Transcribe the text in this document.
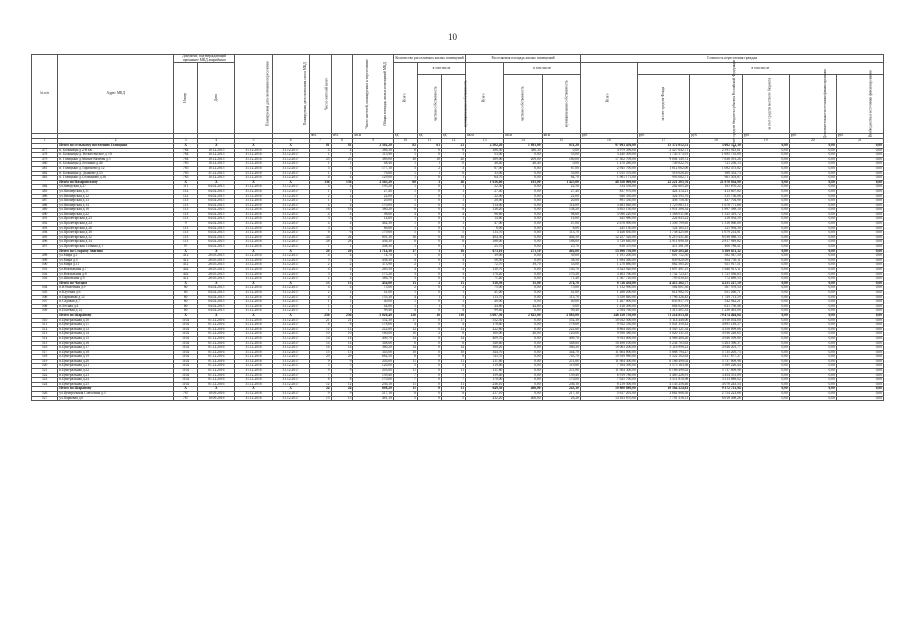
10
№ п/п	Адрес МКД	Документ, подтверждающий признание МКД аварийным		Планируемая дата окончания переселения	Планируемая дата окончания сноса МКД	Число жителей всего	Число жителей, планируемых к переселению	Общая площадь жилых помещений МКД	Количество расселяемых жилых помещений			Расселяемая площадь жилых помещений			Стоимость переселения граждан					
		Номер	Дата						Всего	в том числе		Всего	в том числе		Всего	в том числе				
										частная собственность	муниципальная собственность		частная собственность	муниципальная собственность		за счет средств Фонда	за счет средств бюджета субъекта Российской Федерации	за счет средств местного бюджета	Дополнительные источники финансирования	Внебюджетные источники финансирования
						чел.	чел.	кв.м	ед.	ед.	ед.	кв.м	кв.м	кв.м	руб.	руб.	руб.	руб.	руб.	руб.
1	2	3	4	5	6	7	8	9	10	11	12	13	14	15	16	17	18	19	20	21
	Итого по сельскому поселению Голицыно	X	X	X	X	81	81	2 502,20	82	61	21	2 502,20	1 891,00	611,20	97 093 456,00	15 372 012,51	3 602 371,30	0,00	0,00	0,00
477	п. Больницы д.2/В кв.	784	10.12.2015	31.12.2016	31.12.2017	4	4	386,30	6	6	0	386,30	386,30	0,00	4 979 396,00	2 427 642,71	2 591 925,01	0,00	0,00	0,00
478	п. Больницы д. Вознесенское д.7/8	784	10.12.2015	31.12.2016	31.12.2017	1	1	113,90	1	0	1	53,00	0,00	53,00	3 440 309,00	1 745 573,91	1 695 735,09	0,00	0,00	0,00
479	п. Голицыно д.Малые Вяземы д.5	784	10.12.2015	31.12.2016	31.12.2017	25	25	389,00	30	10	20	389,00	209,00	180,00	17 302 709,00	9 004 149,72	7 636 591,28	0,00	0,00	0,00
480	п. Больницы д.Леонино д.46	785	10.12.2015	31.12.2016	31.12.2017	1	1	48,40	1	1	0	48,40	48,40	0,00	1 470 280,00	749 022,76	721 256,13	0,00	0,00	0,00
481	п. Голицыно д.Тарасково д.12	785	10.12.2015	31.12.2016	31.12.2017	5	5	177,10	5	2	3	67,00	0,00	67,00	2 945 700,00	1 612 062,00	1 082 475,82	0,00	0,00	0,00
482	п. Больницы д. Дьяково д.55	785	31.12.2015	31.12.2016	31.12.2017	1	1	76,60	1	1	0	33,00	0,00	33,00	1 015 570,00	516 026,20	580 333,73	0,00	0,00	0,00
483	п. Голицыно д.Солманово д.36	785	10.12.2015	31.12.2016	31.12.2017	4	4	129,00	1	0	1	64,70	0,00	64,70	1 961 175,00	993 082,71	961 503,67	0,00	0,00	0,00
	Итого по Назаровскому	X	X	X	X	136	136	2 565,20	60	3	26	1 616,60	191,00	1 425,00	48 358 000,00	22 221 205,76	21 970 834,90	0,00	0,00	0,00
484	ул.Заводская д.27	111	04.02.2015	31.12.2016	31.12.2017	4	4	195,20	1	0	1	22,50	0,00	22,50	314 556,00	202 605,26	161 870,22	0,00	0,00	0,00
485	ул.Пионерская д.11	112	04.02.2015	31.12.2016	31.12.2017	1	1	27,40	1	0	1	27,40	0,00	27,40	837 970,00	424 314,21	413 607,82	0,00	0,00	0,00
486	ул.Пионерская д.12	112	04.02.2015	31.12.2016	31.12.2017	2	2	22,00	1	0	1	22,00	0,00	22,00	640 330,00	324 593,76	315 736,06	0,00	0,00	0,00
487	ул.Пионерская д.13	113	04.02.2015	31.12.2016	31.12.2017	1	1	20,00	1	0	1	20,00	0,00	20,00	891 330,00	456 758,30	437 704,90	0,00	0,00	0,00
488	ул.Пионерская д.14	113	04.02.2015	31.12.2016	31.12.2017	4	4	170,00	5	0	5	114,00	0,00	114,00	3 483 840,00	1 725 881,11	1 678 771,68	0,00	0,00	0,00
489	ул.Пионерская д.18	113	04.02.2015	31.12.2016	31.12.2017	16	16	380,20	8	0	8	138,20	0,00	138,20	3 855 130,00	1 951 586,34	1 897 589,10	0,00	0,00	0,00
490	ул.Пионерская д.22	113	04.02.2015	31.12.2016	31.12.2017	4	4	98,60	4	0	4	98,60	0,00	98,60	3 096 220,00	1 568 611,66	1 525 419,72	0,00	0,00	0,00
491	ул.Пролетарская д.23	113	04.02.2015	31.12.2016	31.12.2017	3	3	14,60	1	0	1	14,60	0,00	14,60	445 980,00	224 843,22	218 934,59	0,00	0,00	0,00
492	ул.Пролетарская д.24	9	04.02.2015	31.12.2016	31.12.2017	4	4	462,30	1	0	1	47,00	0,00	47,00	2 678 090,00	1 356 799,65	1 318 060,00	0,00	0,00	0,00
493	ул.Пролетарская д.26	113	04.02.2015	31.12.2016	31.12.2017	3	3	86,80	1	0	1	8,00	0,00	8,00	245 150,00	124 165,21	121 994,30	0,00	0,00	0,00
494	ул.Пролетарская д.30	113	04.02.2015	31.12.2016	31.12.2017	6	6	179,60	5	0	5	113,70	0,00	113,70	3 446 830,00	1 738 425,69	1 679 214,81	0,00	0,00	0,00
495	ул.Пролетарская д.32	113	04.02.2015	31.12.2016	31.12.2017	24	24	691,30	16	0	16	404,50	0,00	404,50	12 257 520,00	6 219 431,40	6 038 088,13	0,00	0,00	0,00
496	ул.Пролетарская д.34	113	04.02.2015	31.12.2016	31.12.2017	28	28	436,30	8	0	8	188,00	0,00	188,00	5 729 640,00	2 911 690,18	2 817 949,82	0,00	0,00	0,00
497	ул.Пролетарская Т.Ивана д.1	97	04.02.2015	31.12.2016	31.12.2017	1	1	208,30	1	0	1	25,70	0,00	25,70	818 370,00	411 581,59	406 788,41	0,00	0,00	0,00
	Итого по Старому Звягино	X	X	X	X	20	20	1 714,30	17	1	16	673,10	271,10	402,00	13 998 750,00	7 629 205,48	5 369 851,32	0,00	0,00	0,00
498	ул.Мира д.1	412	28.05.2015	31.12.2016	31.12.2017	4	4	74,70	1	0	1	39,00	0,00	39,00	1 191 200,00	601 752,50	582 947,50	0,00	0,00	0,00
499	ул.Мира д.3	412	28.05.2015	31.12.2016	31.12.2017	5	5	438,30	4	0	4	58,50	0,00	58,50	1 694 560,00	859 820,09	834 739,11	0,00	0,00	0,00
500	ул.Мира д.11	412	28.05.2015	31.12.2016	31.12.2017	2	2	373,90	2	1	1	72,70	39,70	33,00	1 270 880,00	682 585,20	611 917,51	0,00	0,00	0,00
501	ул.Вокзальная д.7	442	28.05.2015	31.12.2016	31.12.2017	4	4	265,50	4	0	4	130,70	0,00	130,70	3 343 920,00	1 697 491,15	1 640 913,11	0,00	0,00	0,00
502	ул.Вокзальная д.8	442	28.05.2015	31.12.2016	31.12.2017	3	3	175,20	3	0	3	170,20	0,00	170,20	3 463 760,00	1 742 723,47	1 721 036,63	0,00	0,00	0,00
503	ул.Школьная д.9	412	28.05.2015	31.12.2016	31.12.2017	2	2	386,70	3	0	3	71,40	0,00	71,40	1 567 720,00	795 030,45	772 689,55	0,00	0,00	0,00
	Итого по Часцам	X	X	X	X	13	13	454,00	13	2	11	310,50	35,00	274,70	8 726 430,00	4 415 262,77	4 251 227,19	0,00	0,00	0,00
504	п.Юбилейная д.9	60	04.02.2015	31.12.2016	31.12.2017	4	4	75,00	2	0	2	75,00	0,00	75,00	1 132 990,00	584 601,36	567 978,54	0,00	0,00	0,00
505	п.Клубная д.6	60	04.02.2015	31.12.2016	31.12.2017	2	2	41,00	1	0	1	41,00	0,00	41,00	1 288 200,00	614 982,70	611 260,71	0,00	0,00	0,00
506	п.Парковый д.12	60	04.02.2015	31.12.2016	31.12.2017	4	4	153,30	4	1	3	113,70	0,00	113,70	3 358 840,00	1 796 326,45	1 749 713,59	0,00	0,00	0,00
507	п.Садовая д.7	60	04.02.2015	31.12.2016	31.12.2017	1	1	40,00	1	0	1	40,00	0,00	40,00	1 267 000,00	633 817,79	542 942,21	0,00	0,00	0,00
508	п.Лесная д.4	60	04.02.2015	31.12.2016	31.12.2017	1	1	44,80	1	1	0	44,80	44,80	0,00	1 418 390,00	684 029,88	631 750,48	0,00	0,00	0,00
509	п.Полевая д.14	60	04.02.2015	31.12.2016	31.12.2017	1	1	99,40	4	0	4	99,40	0,00	99,40	2 594 760,00	1 313 401,33	1 238 461,00	0,00	0,00	0,00
	Итого по Шарапову	X	X	X	X	256	256	5 026,40	126	16	110	3 697,50	2 825,00	2 883,00	146 150 750,00	73 214 853,38	70 474 464,04	0,00	0,00	0,00
510	п.Центральная д.10	1102	01.12.2016	31.12.2016	31.12.2017	21	21	552,30	17	0	17	552,30	0,00	552,30	10 032 500,00	5 114 446,00	4 918 054,00	0,00	0,00	0,00
511	п.Центральная д.11	1102	01.12.2016	31.12.2016	31.12.2017	8	8	178,60	4	0	4	178,60	0,00	178,60	9 932 530,00	5 041 350,42	4 891 149,57	0,00	0,00	0,00
512	п.Центральная д.12	1102	01.12.2016	31.12.2016	31.12.2017	12	12	222,60	12	0	12	222,60	0,00	222,60	8 864 020,00	4 505 121,34	4 358 899,66	0,00	0,00	0,00
513	п.Центральная д.14	1102	01.12.2016	31.12.2016	31.12.2017	10	10	160,00	10	2	8	160,00	40,00	120,00	9 956 380,00	5 020 131,35	4 936 248,65	0,00	0,00	0,00
514	п.Центральная д.15	1102	01.12.2016	31.12.2016	31.12.2017	14	14	409,70	14	0	14	409,70	0,00	409,70	9 933 000,00	4 986 400,20	4 946 599,80	0,00	0,00	0,00
515	п.Центральная д.16	1102	01.12.2016	31.12.2016	31.12.2017	14	14	348,60	6	0	6	348,60	0,00	348,60	10 498 100,00	5 234 703,63	5 263 396,37	0,00	0,00	0,00
516	п.Центральная д.17	1102	01.12.2016	31.12.2016	31.12.2017	14	14	360,20	14	0	14	360,20	0,00	360,20	10 063 200,00	5 116 998,23	4 946 201,77	0,00	0,00	0,00
517	п.Центральная д.18	1102	01.12.2016	31.12.2016	31.12.2017	15	15	345,00	10	0	10	344,70	0,00	344,70	11 604 000,00	5 868 794,27	5 735 205,73	0,00	0,00	0,00
518	п.Центральная д.19	1102	01.12.2016	31.12.2016	31.12.2017	29	29	682,50	8	0	8	743,70	0,00	743,70	10 939 980,00	5 522 102,63	5 417 877,37	0,00	0,00	0,00
519	п.Центральная д.20	1102	01.12.2016	31.12.2016	31.12.2017	9	9	203,00	11	0	11	211,80	0,00	211,80	11 904 300,00	6 166 490,02	5 737 809,98	0,00	0,00	0,00
520	п.Центральная д.21	1102	01.12.2016	31.12.2016	31.12.2017	5	5	120,00	5	0	5	119,80	0,00	119,80	7 164 390,00	3 575 163,56	3 589 226,44	0,00	0,00	0,00
521	п.Центральная д.22	1102	01.12.2016	31.12.2016	31.12.2017	9	9	203,00	11	0	11	211,80	0,00	211,80	11 904 300,00	6 166 490,02	5 737 809,98	0,00	0,00	0,00
522	п.Центральная д.23	1102	01.12.2016	31.12.2016	31.12.2017	7	7	159,40	7	0	7	159,40	0,00	159,40	6 919 780,00	3 465 228,91	3 454 551,09	0,00	0,00	0,00
523	п.Центральная д.24	1102	01.12.2016	31.12.2016	31.12.2017	8	8	170,00	7	0	7	170,00	0,00	170,00	7 025 700,00	3 511 810,98	3 513 889,02	0,00	0,00	0,00
524	п.Центральная д.25	1102	01.12.2016	31.12.2016	31.12.2017	12	12	236,10	11	0	11	236,10	0,00	236,10	8 219 500,00	4 143 256,46	4 076 243,54	0,00	0,00	0,00
	Итого по Шарапову	X	X	X	X	24	24	698,20	11	0	11	649,30	406,00	243,30	19 800 880,00	10 564 224,63	9 372 721,94	0,00	0,00	0,00
526	ул.Центральная Совхозная д.3	787	10.09.2016	31.12.2016	31.12.2017	9	9	217,10	6	0	6	217,10	0,00	217,10	5 617 201,00	2 862 908,50	2 754 223,68	0,00	0,00	0,00
527	ул.Парковая д.6	787	10.09.2016	31.12.2016	31.12.2017	15	15	481,10	5	0	5	432,20	406,00	26,20	14 183 670,00	7 701 316,13	6 618 498,26	0,00	0,00	0,00
